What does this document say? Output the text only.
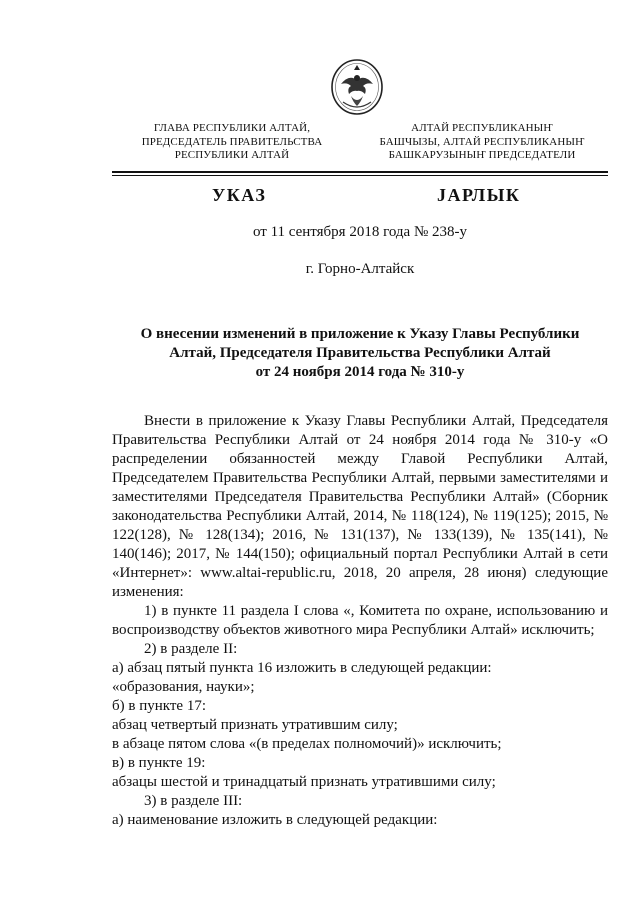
ГЛАВА РЕСПУБЛИКИ АЛТАЙ,
ПРЕДСЕДАТЕЛЬ ПРАВИТЕЛЬСТВА
РЕСПУБЛИКИ АЛТАЙ
АЛТАЙ РЕСПУБЛИКАНЫҤ
БАШЧЫЗЫ, АЛТАЙ РЕСПУБЛИКАНЫҤ
БАШКАРУЗЫНЫҤ ПРЕДСЕДАТЕЛИ
УКАЗ	ЈАРЛЫК
от 11 сентября 2018 года № 238-у
г. Горно-Алтайск
О внесении изменений в приложение к Указу Главы Республики
Алтай, Председателя Правительства Республики Алтай
от 24 ноября 2014 года № 310-у

Внести в приложение к Указу Главы Республики Алтай, Председателя Правительства Республики Алтай от 24 ноября 2014 года № 310-у «О распределении обязанностей между Главой Республики Алтай, Председателем Правительства Республики Алтай, первыми заместителями и заместителями Председателя Правительства Республики Алтай» (Сборник законодательства Республики Алтай, 2014, № 118(124), № 119(125); 2015, № 122(128), № 128(134); 2016, № 131(137), № 133(139), № 135(141), № 140(146); 2017, № 144(150); официальный портал Республики Алтай в сети «Интернет»: www.altai-republic.ru, 2018, 20 апреля, 28 июня) следующие изменения:

1) в пункте 11 раздела I слова «, Комитета по охране, использованию и воспроизводству объектов животного мира Республики Алтай» исключить;

2) в разделе II:

а) абзац пятый пункта 16 изложить в следующей редакции:

«образования, науки»;

б) в пункте 17:

абзац четвертый признать утратившим силу;

в абзаце пятом слова «(в пределах полномочий)» исключить;

в) в пункте 19:

абзацы шестой и тринадцатый признать утратившими силу;

3) в разделе III:

а) наименование изложить в следующей редакции:
